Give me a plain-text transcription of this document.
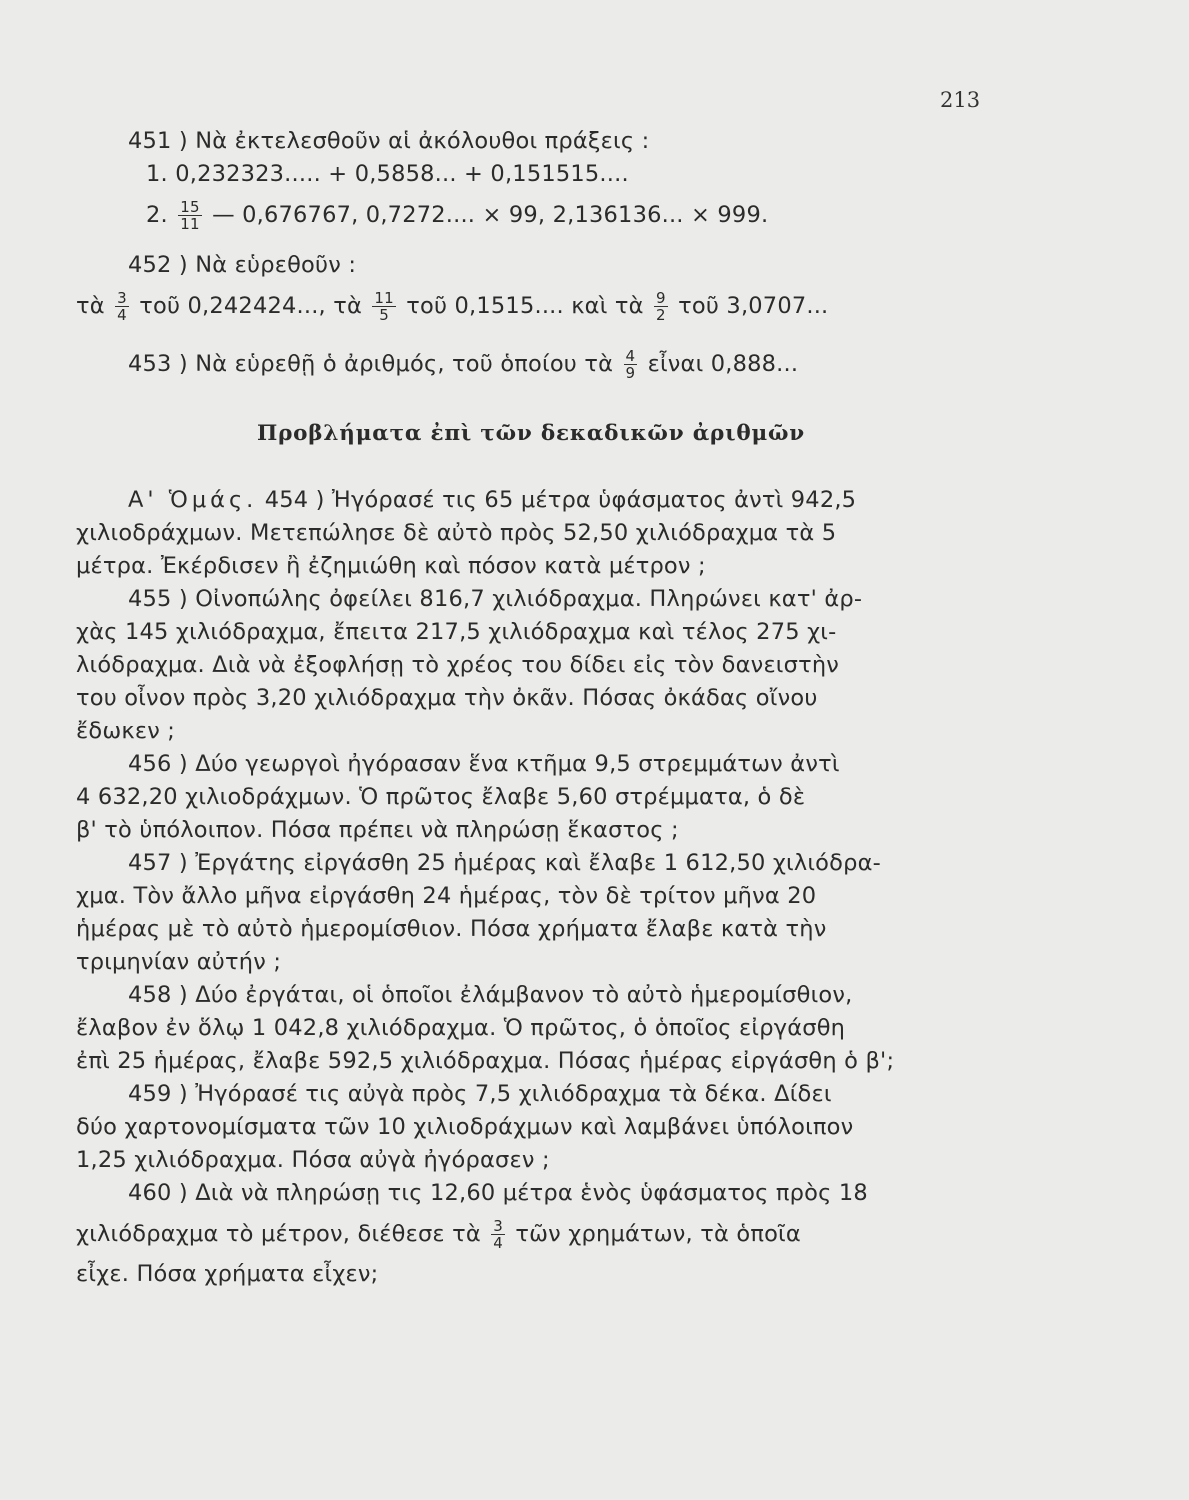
213
451 ) Νὰ ἐκτελεσθοῦν αἱ ἀκόλουθοι πράξεις :
1. 0,232323..... + 0,5858... + 0,151515....
2. $\frac{15}{11}$ — 0,676767, 0,7272.... × 99, 2,136136... × 999.
452 ) Νὰ εὑρεθοῦν :
τὰ $\frac{3}{4}$ τοῦ 0,242424..., τὰ $\frac{11}{5}$ τοῦ 0,1515.... καὶ τὰ $\frac{9}{2}$ τοῦ 3,0707...
453 ) Νὰ εὑρεθῇ ὁ ἀριθμός, τοῦ ὁποίου τὰ $\frac{4}{9}$ εἶναι 0,888...
Προβλήματα ἐπὶ τῶν δεκαδικῶν ἀριθμῶν
Α' Ὁμάς. 454 ) Ἠγόρασέ τις 65 μέτρα ὑφάσματος ἀντὶ 942,5
χιλιοδράχμων. Μετεπώλησε δὲ αὐτὸ πρὸς 52,50 χιλιόδραχμα τὰ 5
μέτρα. Ἐκέρδισεν ἢ ἐζημιώθη καὶ πόσον κατὰ μέτρον ;
455 ) Οἰνοπώλης ὀφείλει 816,7 χιλιόδραχμα. Πληρώνει κατ' ἀρ-
χὰς 145 χιλιόδραχμα, ἔπειτα 217,5 χιλιόδραχμα καὶ τέλος 275 χι-
λιόδραχμα. Διὰ νὰ ἐξοφλήσῃ τὸ χρέος του δίδει εἰς τὸν δανειστὴν
του οἶνον πρὸς 3,20 χιλιόδραχμα τὴν ὀκᾶν. Πόσας ὀκάδας οἴνου
ἔδωκεν ;
456 ) Δύο γεωργοὶ ἠγόρασαν ἕνα κτῆμα 9,5 στρεμμάτων ἀντὶ
4 632,20 χιλιοδράχμων. Ὁ πρῶτος ἔλαβε 5,60 στρέμματα, ὁ δὲ
β' τὸ ὑπόλοιπον. Πόσα πρέπει νὰ πληρώσῃ ἕκαστος ;
457 ) Ἐργάτης εἰργάσθη 25 ἡμέρας καὶ ἔλαβε 1 612,50 χιλιόδρα-
χμα. Τὸν ἄλλο μῆνα εἰργάσθη 24 ἡμέρας, τὸν δὲ τρίτον μῆνα 20
ἡμέρας μὲ τὸ αὐτὸ ἡμερομίσθιον. Πόσα χρήματα ἔλαβε κατὰ τὴν
τριμηνίαν αὐτήν ;
458 ) Δύο ἐργάται, οἱ ὁποῖοι ἐλάμβανον τὸ αὐτὸ ἡμερομίσθιον,
ἔλαβον ἐν ὅλῳ 1 042,8 χιλιόδραχμα. Ὁ πρῶτος, ὁ ὁποῖος εἰργάσθη
ἐπὶ 25 ἡμέρας, ἔλαβε 592,5 χιλιόδραχμα. Πόσας ἡμέρας εἰργάσθη ὁ β';
459 ) Ἠγόρασέ τις αὐγὰ πρὸς 7,5 χιλιόδραχμα τὰ δέκα. Δίδει
δύο χαρτονομίσματα τῶν 10 χιλιοδράχμων καὶ λαμβάνει ὑπόλοιπον
1,25 χιλιόδραχμα. Πόσα αὐγὰ ἠγόρασεν ;
460 ) Διὰ νὰ πληρώσῃ τις 12,60 μέτρα ἑνὸς ὑφάσματος πρὸς 18
χιλιόδραχμα τὸ μέτρον, διέθεσε τὰ $\frac{3}{4}$ τῶν χρημάτων, τὰ ὁποῖα
εἶχε. Πόσα χρήματα εἶχεν;
